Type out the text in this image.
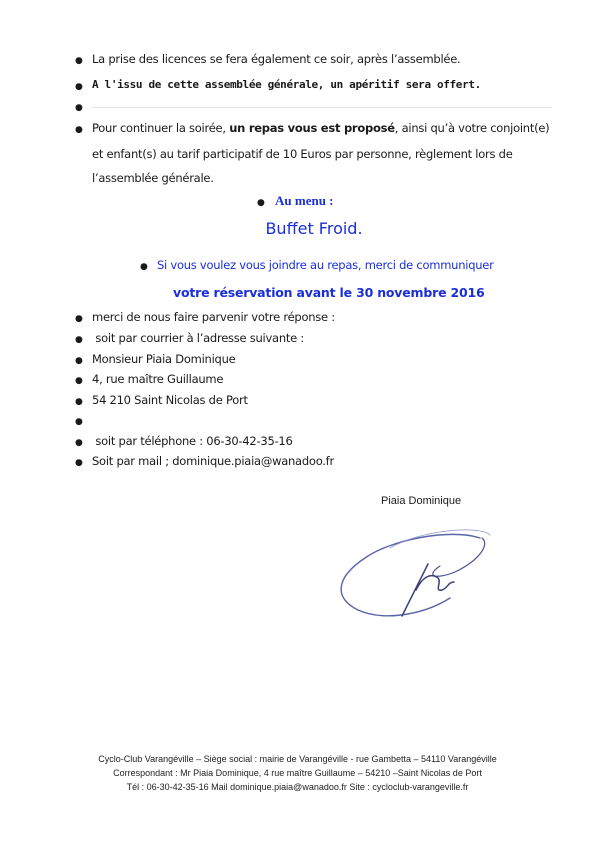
● La prise des licences se fera également ce soir, après l’assemblée.
● A l'issu de cette assemblée générale, un apéritif sera offert.
●
● Pour continuer la soirée, un repas vous est proposé, ainsi qu’à votre conjoint(e)
et enfant(s) au tarif participatif de 10 Euros par personne, règlement lors de
l’assemblée générale.
● Au menu :
Buffet Froid.
● Si vous voulez vous joindre au repas, merci de communiquer
votre réservation avant le 30 novembre 2016
● merci de nous faire parvenir votre réponse :
● soit par courrier à l’adresse suivante :
● Monsieur Piaia Dominique
● 4, rue maître Guillaume
● 54 210 Saint Nicolas de Port
●
● soit par téléphone : 06-30-42-35-16
● Soit par mail ; dominique.piaia@wanadoo.fr
Piaia Dominique
Cyclo-Club Varangéville – Siège social : mairie de Varangéville - rue Gambetta – 54110 Varangéville
Correspondant : Mr Piaia Dominique, 4 rue maître Guillaume – 54210 –Saint Nicolas de Port
Tél : 06-30-42-35-16 Mail dominique.piaia@wanadoo.fr Site : cycloclub-varangeville.fr
